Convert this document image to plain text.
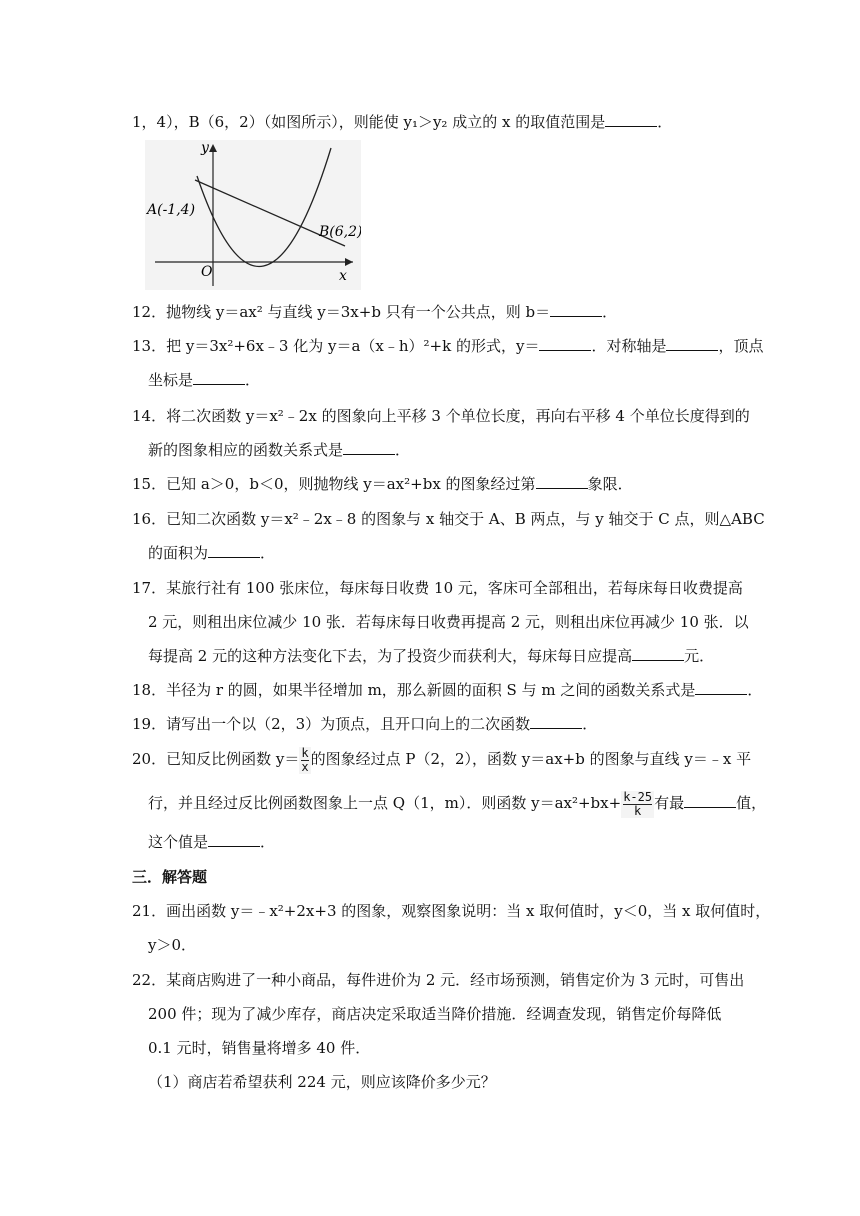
1，4），B（6，2）（如图所示），则能使 y₁＞y₂ 成立的 x 的取值范围是	．
y
x
O
A(-1,4)
B(6,2)
12．抛物线 y＝ax² 与直线 y＝3x+b 只有一个公共点，则 b＝	．
13．把 y＝3x²+6x﹣3 化为 y＝a（x﹣h）²+k 的形式，y＝	．对称轴是	，顶点
坐标是	．
14．将二次函数 y＝x²﹣2x 的图象向上平移 3 个单位长度，再向右平移 4 个单位长度得到的
新的图象相应的函数关系式是	．
15．已知 a＞0，b＜0，则抛物线 y＝ax²+bx 的图象经过第	象限．
16．已知二次函数 y＝x²﹣2x﹣8 的图象与 x 轴交于 A、B 两点，与 y 轴交于 C 点，则△ABC
的面积为	．
17．某旅行社有 100 张床位，每床每日收费 10 元，客床可全部租出，若每床每日收费提高
2 元，则租出床位减少 10 张．若每床每日收费再提高 2 元，则租出床位再减少 10 张．以
每提高 2 元的这种方法变化下去，为了投资少而获利大，每床每日应提高	元．
18．半径为 r 的圆，如果半径增加 m，那么新圆的面积 S 与 m 之间的函数关系式是	．
19．请写出一个以（2，3）为顶点，且开口向上的二次函数	．
20．已知反比例函数 $y= \frac{k}{x}$ 的图象经过点 P（2，2），函数 y＝ax+b 的图象与直线 y＝﹣x 平
行，并且经过反比例函数图象上一点 Q（1，m）．则函数 $y=ax^2+bx+ \frac{k-25}{k}$ 有最	值，
这个值是	．
三．解答题
21．画出函数 y＝﹣x²+2x+3 的图象，观察图象说明：当 x 取何值时，y＜0，当 x 取何值时，
y＞0．
22．某商店购进了一种小商品，每件进价为 2 元．经市场预测，销售定价为 3 元时，可售出
200 件；现为了减少库存，商店决定采取适当降价措施．经调查发现，销售定价每降低
0.1 元时，销售量将增多 40 件．
（1）商店若希望获利 224 元，则应该降价多少元？
